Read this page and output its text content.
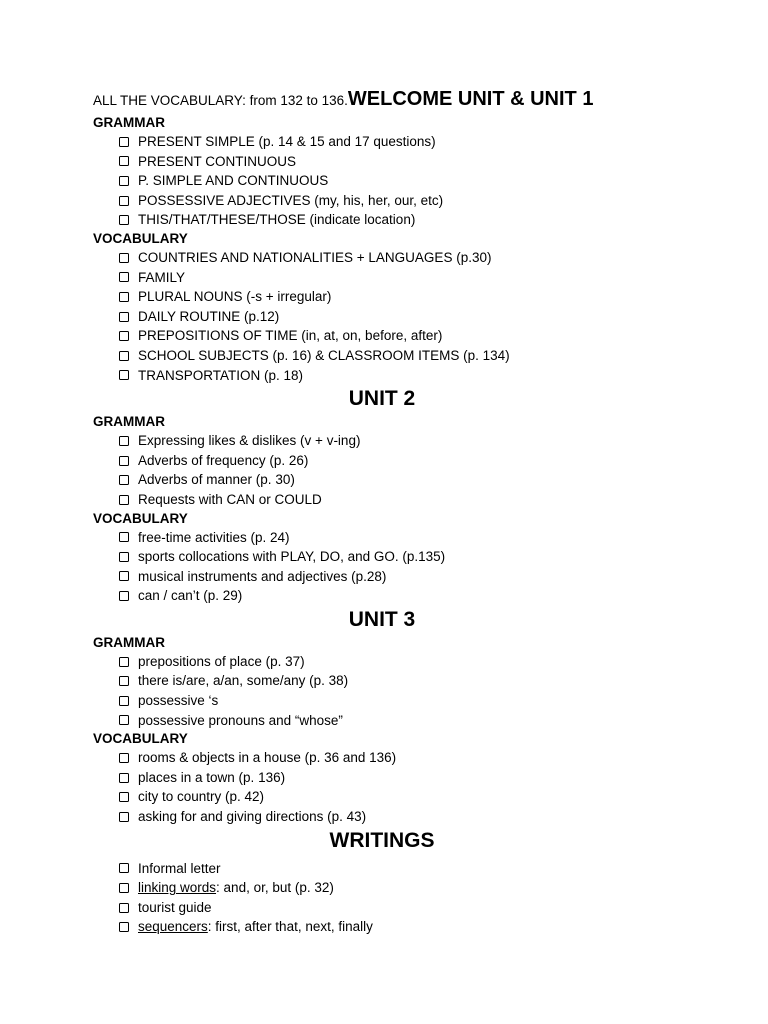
ALL THE VOCABULARY: from 132 to 136.WELCOME UNIT & UNIT 1
GRAMMAR
PRESENT SIMPLE (p. 14 & 15 and 17 questions)
PRESENT CONTINUOUS
P. SIMPLE AND CONTINUOUS
POSSESSIVE ADJECTIVES (my, his, her, our, etc)
THIS/THAT/THESE/THOSE (indicate location)
VOCABULARY
COUNTRIES AND NATIONALITIES + LANGUAGES (p.30)
FAMILY
PLURAL NOUNS (-s + irregular)
DAILY ROUTINE (p.12)
PREPOSITIONS OF TIME (in, at, on, before, after)
SCHOOL SUBJECTS (p. 16) & CLASSROOM ITEMS (p. 134)
TRANSPORTATION (p. 18)
UNIT 2
GRAMMAR
Expressing likes & dislikes (v + v-ing)
Adverbs of frequency (p. 26)
Adverbs of manner (p. 30)
Requests with CAN or COULD
VOCABULARY
free-time activities (p. 24)
sports collocations with PLAY, DO, and GO. (p.135)
musical instruments and adjectives (p.28)
can / can’t (p. 29)
UNIT 3
GRAMMAR
prepositions of place (p. 37)
there is/are, a/an, some/any (p. 38)
possessive ‘s
possessive pronouns and “whose”
VOCABULARY
rooms & objects in a house (p. 36 and 136)
places in a town (p. 136)
city to country (p. 42)
asking for and giving directions (p. 43)
WRITINGS
Informal letter
linking words : and, or, but (p. 32)
tourist guide
sequencers : first, after that, next, finally
